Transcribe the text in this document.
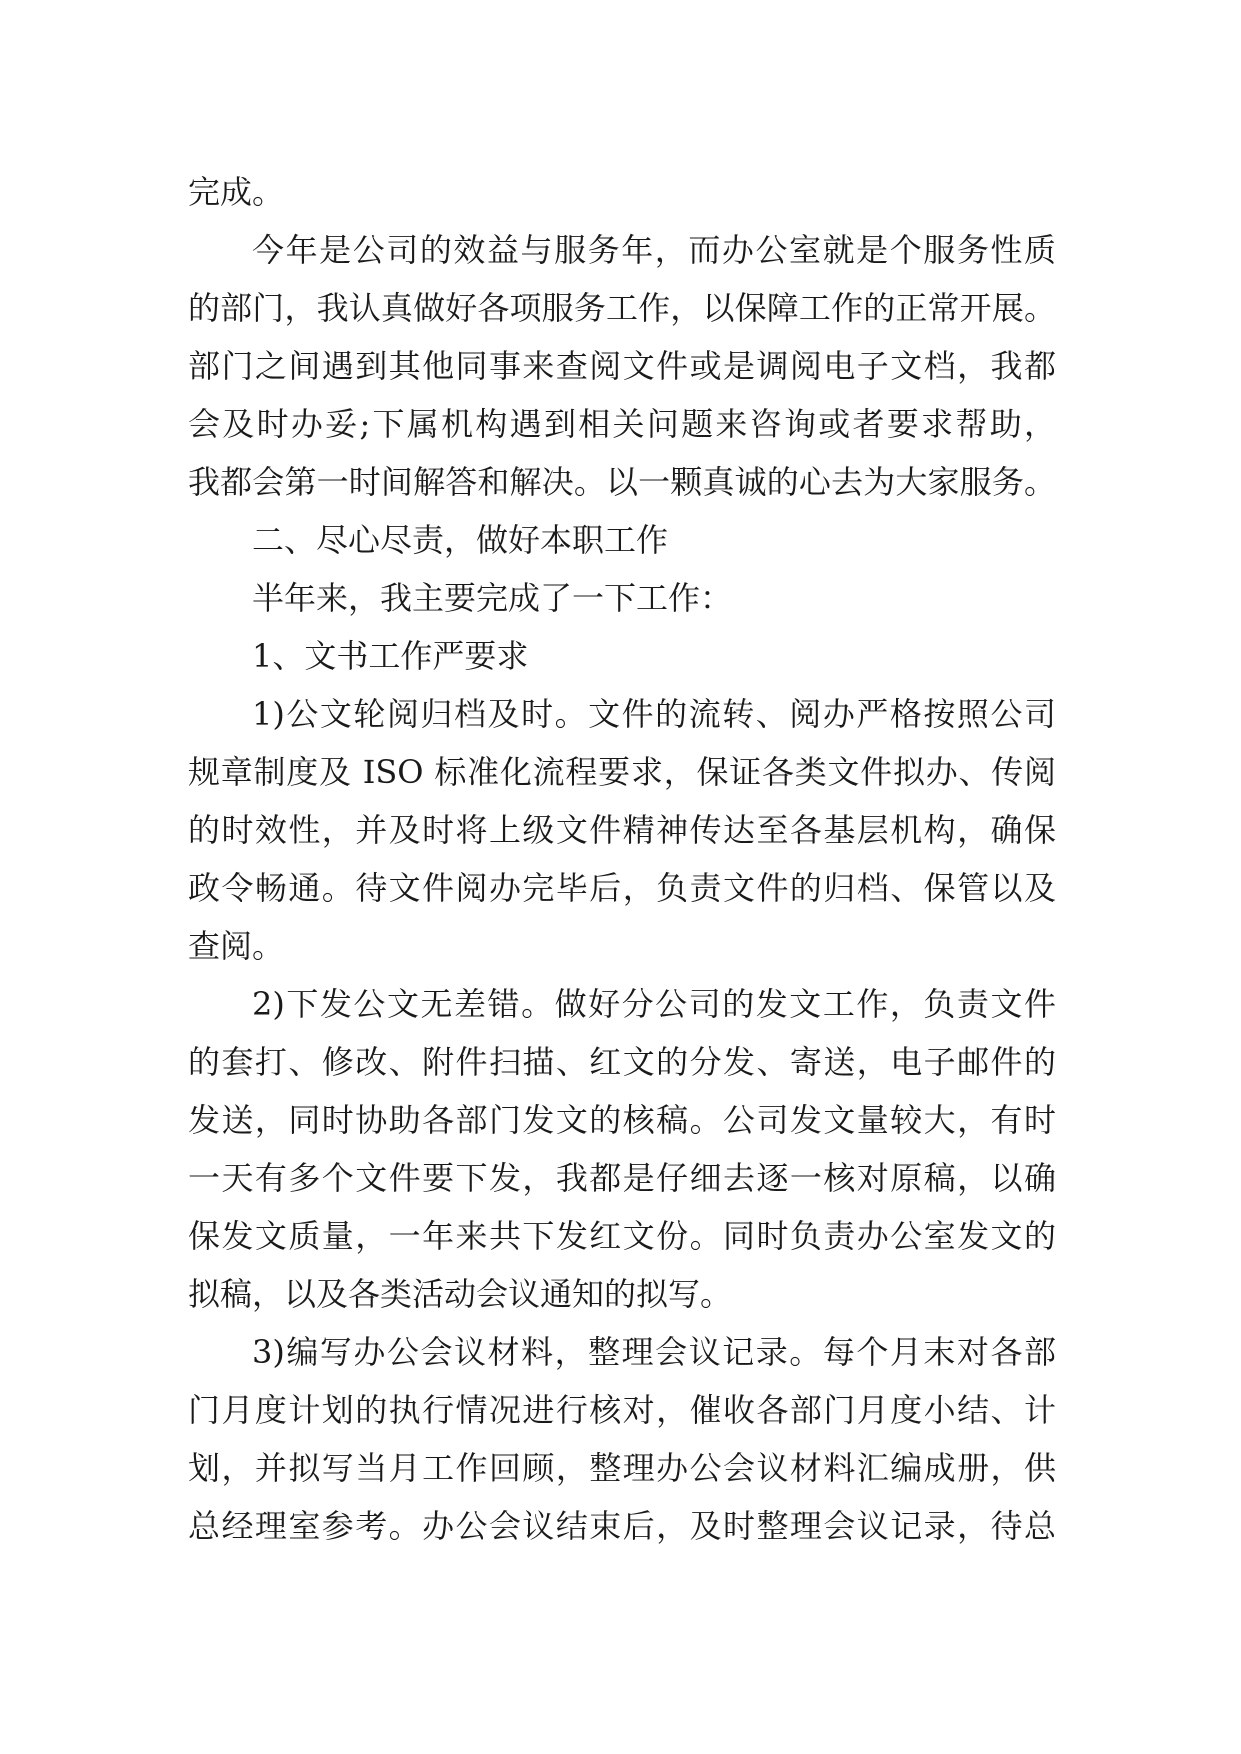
完成。
今年是公司的效益与服务年，而办公室就是个服务性质
的部门，我认真做好各项服务工作，以保障工作的正常开展。
部门之间遇到其他同事来查阅文件或是调阅电子文档，我都
会及时办妥;下属机构遇到相关问题来咨询或者要求帮助，
我都会第一时间解答和解决。以一颗真诚的心去为大家服务。
二、尽心尽责，做好本职工作
半年来，我主要完成了一下工作：
1、文书工作严要求
1)公文轮阅归档及时。文件的流转、阅办严格按照公司
规章制度及 ISO 标准化流程要求，保证各类文件拟办、传阅
的时效性，并及时将上级文件精神传达至各基层机构，确保
政令畅通。待文件阅办完毕后，负责文件的归档、保管以及
查阅。
2)下发公文无差错。做好分公司的发文工作，负责文件
的套打、修改、附件扫描、红文的分发、寄送，电子邮件的
发送，同时协助各部门发文的核稿。公司发文量较大，有时
一天有多个文件要下发，我都是仔细去逐一核对原稿，以确
保发文质量，一年来共下发红文份。同时负责办公室发文的
拟稿，以及各类活动会议通知的拟写。
3)编写办公会议材料，整理会议记录。每个月末对各部
门月度计划的执行情况进行核对，催收各部门月度小结、计
划，并拟写当月工作回顾，整理办公会议材料汇编成册，供
总经理室参考。办公会议结束后，及时整理会议记录，待总
